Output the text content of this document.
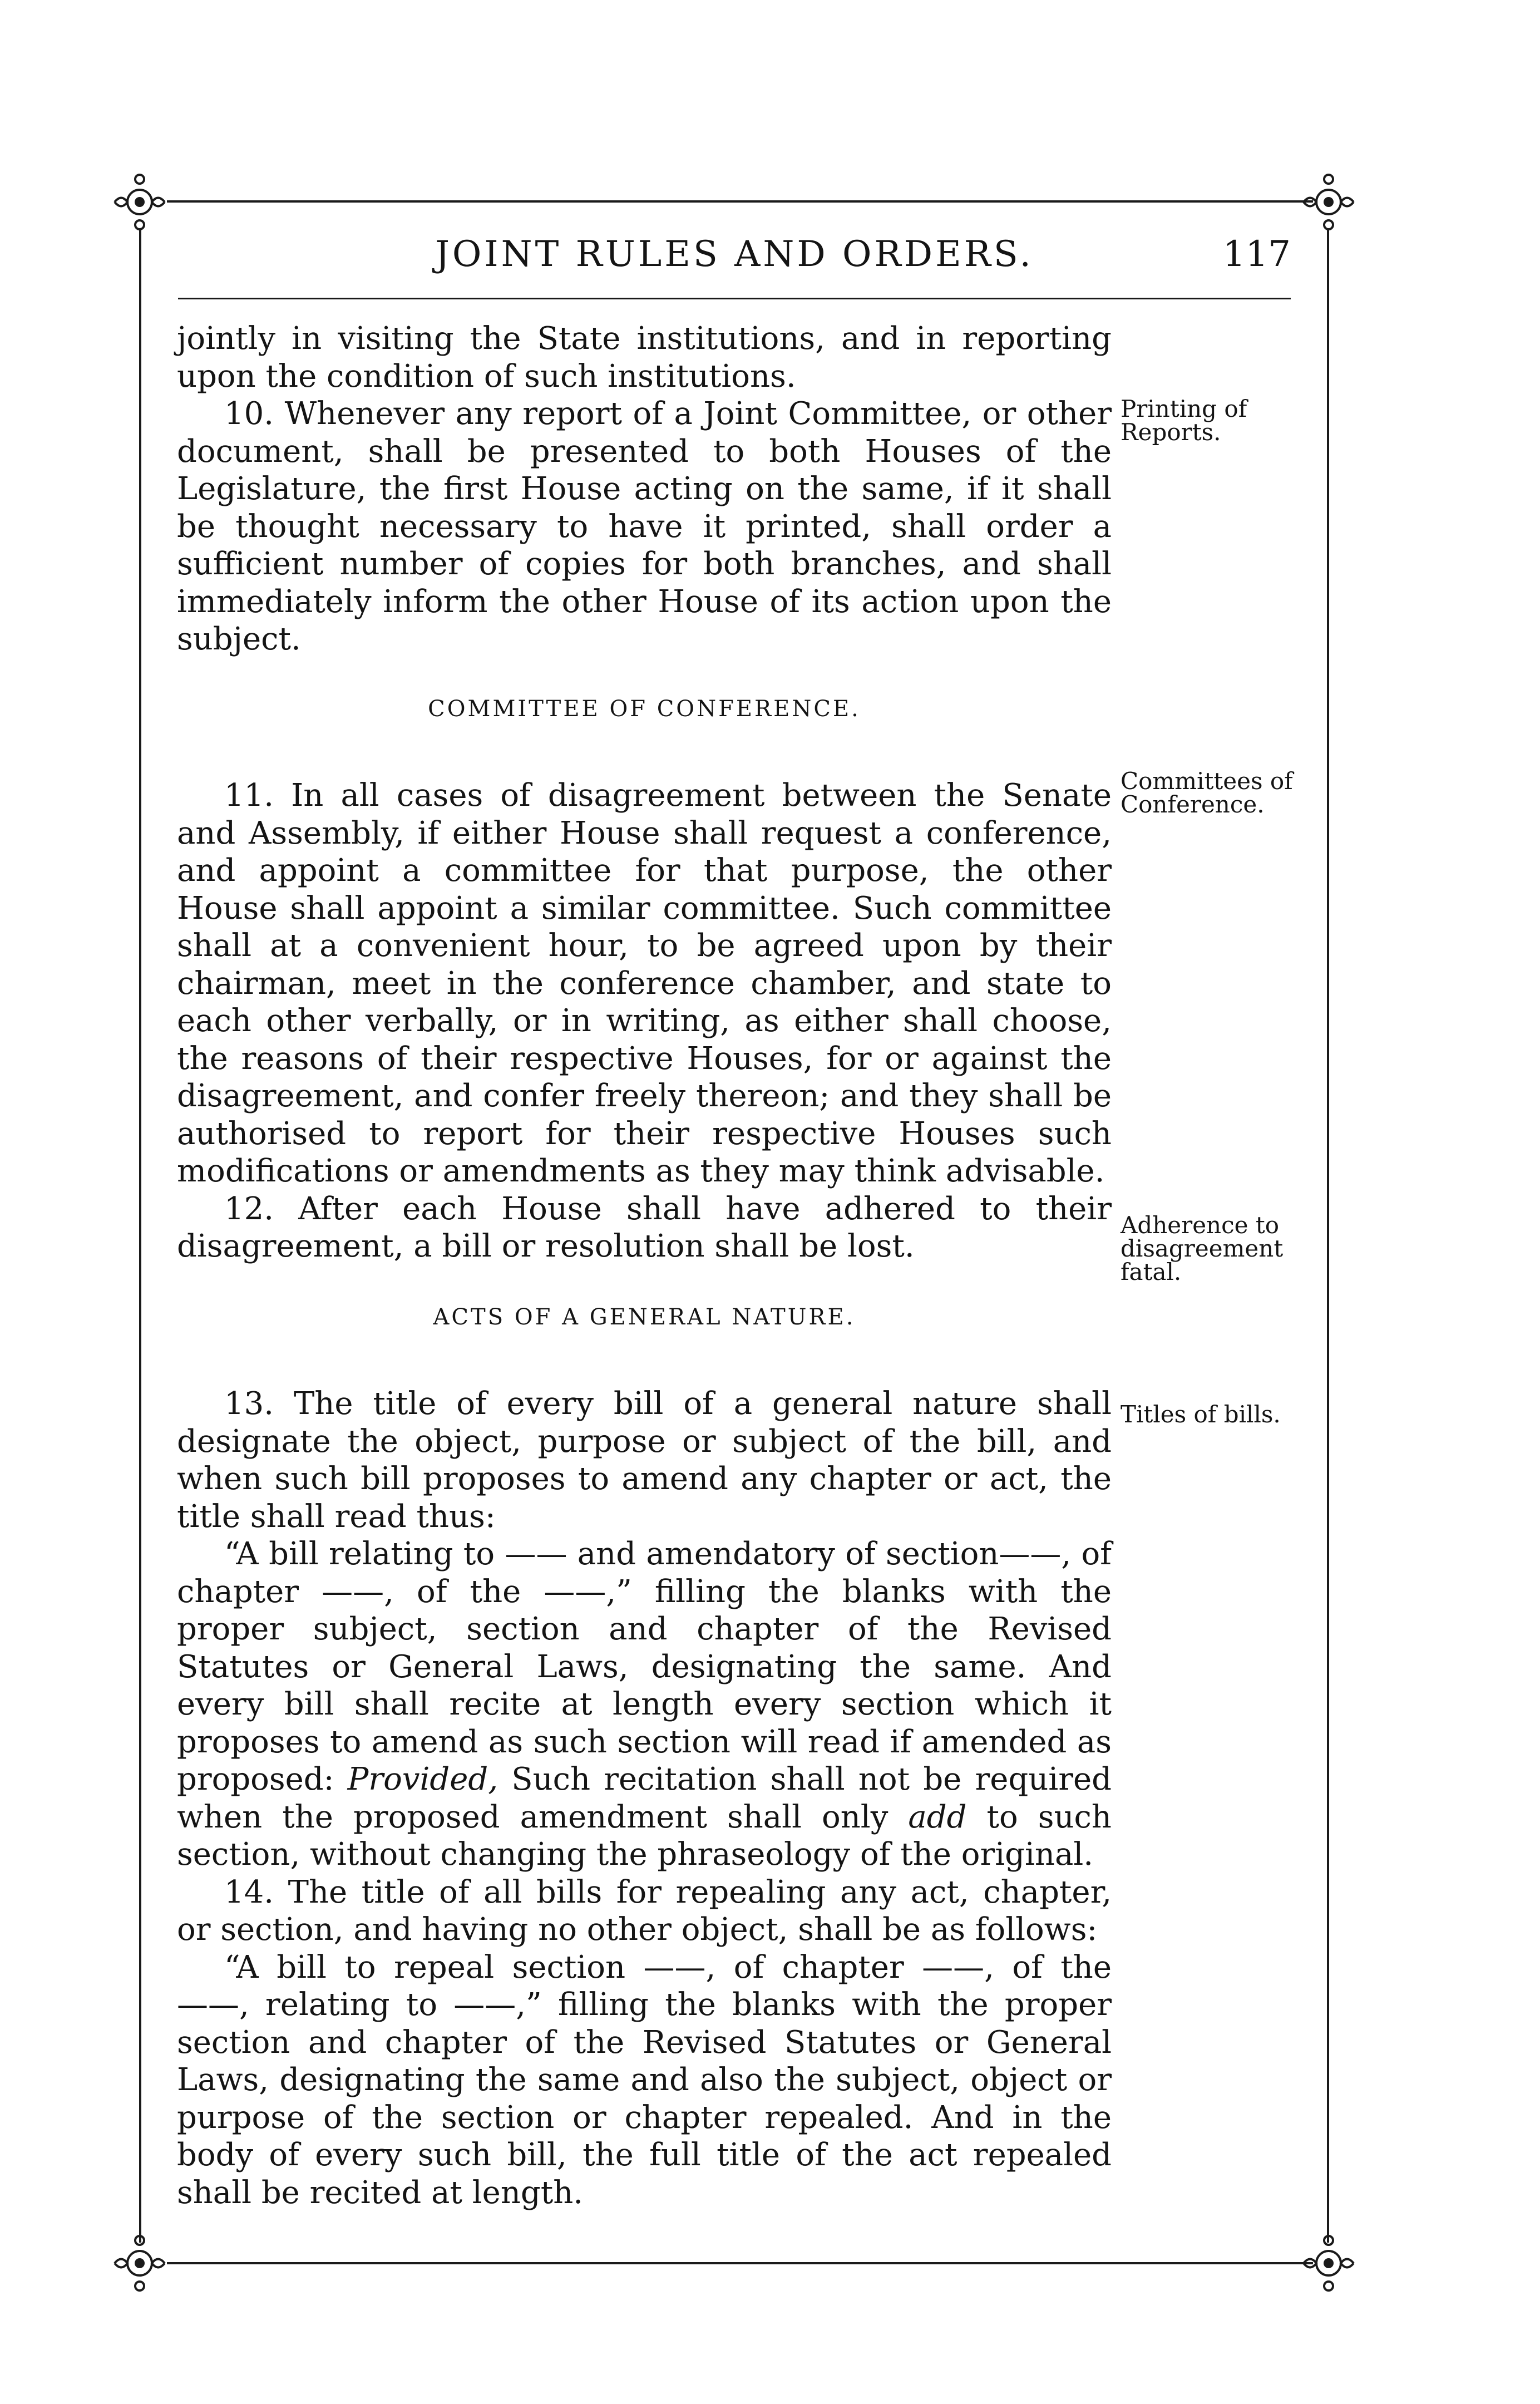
JOINT RULES AND ORDERS.	117

jointly in visiting the State institutions, and in reporting upon the condition of such institutions.

10. Whenever any report of a Joint Committee, or other document, shall be presented to both Houses of the Legislature, the first House acting on the same, if it shall be thought necessary to have it printed, shall order a sufficient number of copies for both branches, and shall immediately inform the other House of its action upon the subject.

COMMITTEE OF CONFERENCE.

11. In all cases of disagreement between the Senate and Assembly, if either House shall request a conference, and appoint a committee for that purpose, the other House shall appoint a similar committee. Such committee shall at a convenient hour, to be agreed upon by their chairman, meet in the conference chamber, and state to each other verbally, or in writing, as either shall choose, the reasons of their respective Houses, for or against the disagreement, and confer freely thereon; and they shall be authorised to report for their respective Houses such modifications or amendments as they may think advisable.

12. After each House shall have adhered to their disagreement, a bill or resolution shall be lost.

ACTS OF A GENERAL NATURE.

13. The title of every bill of a general nature shall designate the object, purpose or subject of the bill, and when such bill proposes to amend any chapter or act, the title shall read thus:

“A bill relating to —— and amendatory of section——, of chapter ——, of the ——,” filling the blanks with the proper subject, section and chapter of the Revised Statutes or General Laws, designating the same. And every bill shall recite at length every section which it proposes to amend as such section will read if amended as proposed: Provided, Such recitation shall not be required when the proposed amendment shall only add to such section, without changing the phraseology of the original.

14. The title of all bills for repealing any act, chapter, or section, and having no other object, shall be as follows:

“A bill to repeal section ——, of chapter ——, of the ——, relating to ——,” filling the blanks with the proper section and chapter of the Revised Statutes or General Laws, designating the same and also the subject, object or purpose of the section or chapter repealed. And in the body of every such bill, the full title of the act repealed shall be recited at length.

Printing of Reports.
Committees of Conference.
Adherence to disagreement fatal.
Titles of bills.
